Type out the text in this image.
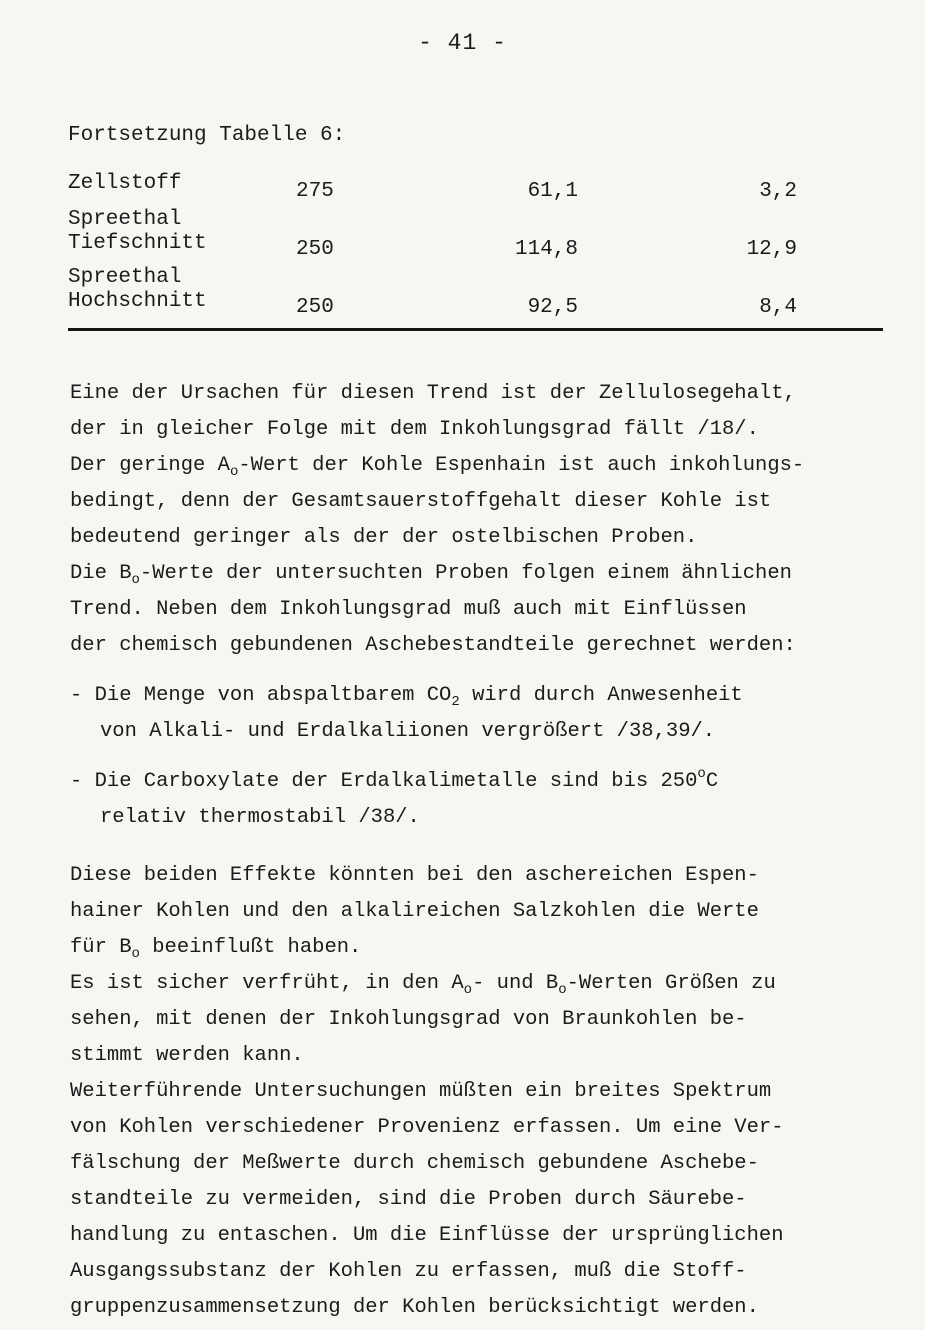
- 41 -
Fortsetzung Tabelle 6:
Zellstoff	275	61,1	3,2
Spreethal
Tiefschnitt	250	114,8	12,9
Spreethal
Hochschnitt	250	92,5	8,4
Eine der Ursachen für diesen Trend ist der Zellulosegehalt,
der in gleicher Folge mit dem Inkohlungsgrad fällt /18/.
Der geringe $A_o$-Wert der Kohle Espenhain ist auch inkohlungs-
bedingt, denn der Gesamtsauerstoffgehalt dieser Kohle ist
bedeutend geringer als der der ostelbischen Proben.
Die $B_o$-Werte der untersuchten Proben folgen einem ähnlichen
Trend. Neben dem Inkohlungsgrad muß auch mit Einflüssen
der chemisch gebundenen Aschebestandteile gerechnet werden:
- Die Menge von abspaltbarem $CO_2$ wird durch Anwesenheit
von Alkali- und Erdalkaliionen vergrößert /38,39/.
- Die Carboxylate der Erdalkalimetalle sind bis 250$^o$C
relativ thermostabil /38/.
Diese beiden Effekte könnten bei den aschereichen Espen-
hainer Kohlen und den alkalireichen Salzkohlen die Werte
für $B_o$ beeinflußt haben.
Es ist sicher verfrüht, in den $A_o-$ und $B_o$-Werten Größen zu
sehen, mit denen der Inkohlungsgrad von Braunkohlen be-
stimmt werden kann.
Weiterführende Untersuchungen müßten ein breites Spektrum
von Kohlen verschiedener Provenienz erfassen. Um eine Ver-
fälschung der Meßwerte durch chemisch gebundene Aschebe-
standteile zu vermeiden, sind die Proben durch Säurebe-
handlung zu entaschen. Um die Einflüsse der ursprünglichen
Ausgangssubstanz der Kohlen zu erfassen, muß die Stoff-
gruppenzusammensetzung der Kohlen berücksichtigt werden.
